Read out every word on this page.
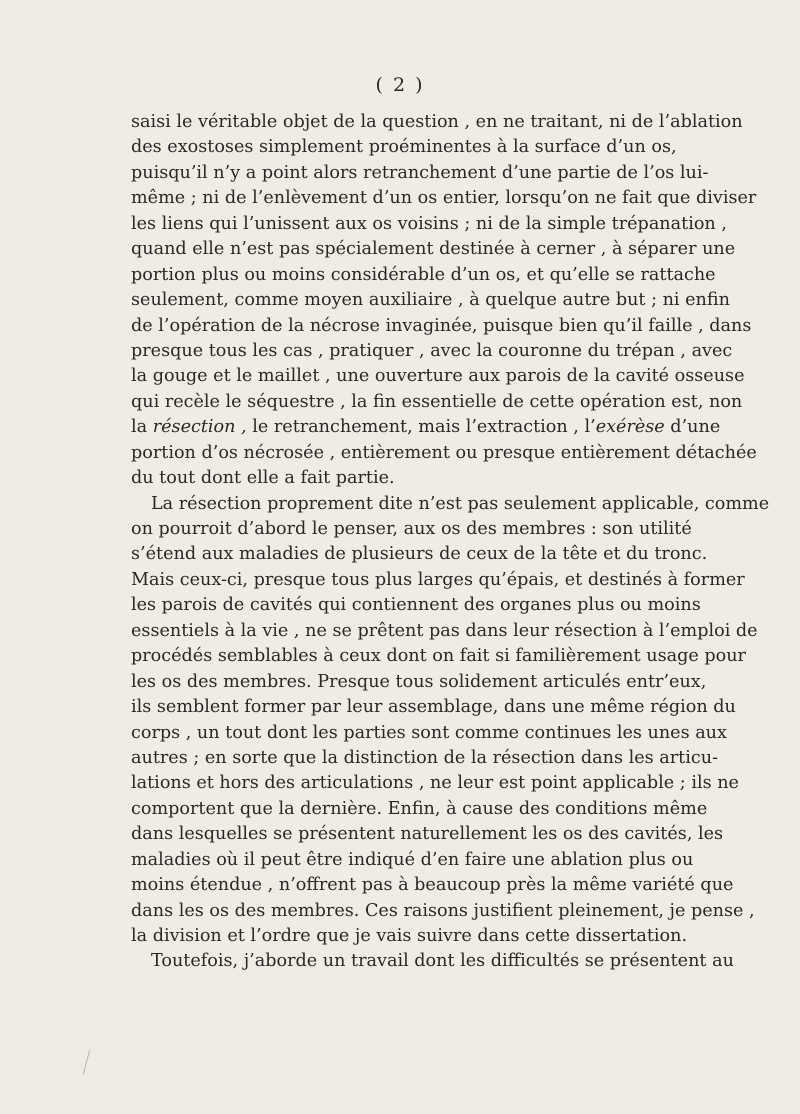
( 2 )
saisi le véritable objet de la question , en ne traitant, ni de l’ablation
des exostoses simplement proéminentes à la surface d’un os,
puisqu’il n’y a point alors retranchement d’une partie de l’os lui-
même ; ni de l’enlèvement d’un os entier, lorsqu’on ne fait que diviser
les liens qui l’unissent aux os voisins ; ni de la simple trépanation ,
quand elle n’est pas spécialement destinée à cerner , à séparer une
portion plus ou moins considérable d’un os, et qu’elle se rattache
seulement, comme moyen auxiliaire , à quelque autre but ; ni enfin
de l’opération de la nécrose invaginée, puisque bien qu’il faille , dans
presque tous les cas , pratiquer , avec la couronne du trépan , avec
la gouge et le maillet , une ouverture aux parois de la cavité osseuse
qui recèle le séquestre , la fin essentielle de cette opération est, non
la résection , le retranchement, mais l’extraction , l’exérèse d’une
portion d’os nécrosée , entièrement ou presque entièrement détachée
du tout dont elle a fait partie.
La résection proprement dite n’est pas seulement applicable, comme
on pourroit d’abord le penser, aux os des membres : son utilité
s’étend aux maladies de plusieurs de ceux de la tête et du tronc.
Mais ceux-ci, presque tous plus larges qu’épais, et destinés à former
les parois de cavités qui contiennent des organes plus ou moins
essentiels à la vie , ne se prêtent pas dans leur résection à l’emploi de
procédés semblables à ceux dont on fait si familièrement usage pour
les os des membres. Presque tous solidement articulés entr’eux,
ils semblent former par leur assemblage, dans une même région du
corps , un tout dont les parties sont comme continues les unes aux
autres ; en sorte que la distinction de la résection dans les articu-
lations et hors des articulations , ne leur est point applicable ; ils ne
comportent que la dernière. Enfin, à cause des conditions même
dans lesquelles se présentent naturellement les os des cavités, les
maladies où il peut être indiqué d’en faire une ablation plus ou
moins étendue , n’offrent pas à beaucoup près la même variété que
dans les os des membres. Ces raisons justifient pleinement, je pense ,
la division et l’ordre que je vais suivre dans cette dissertation.
Toutefois, j’aborde un travail dont les difficultés se présentent au
